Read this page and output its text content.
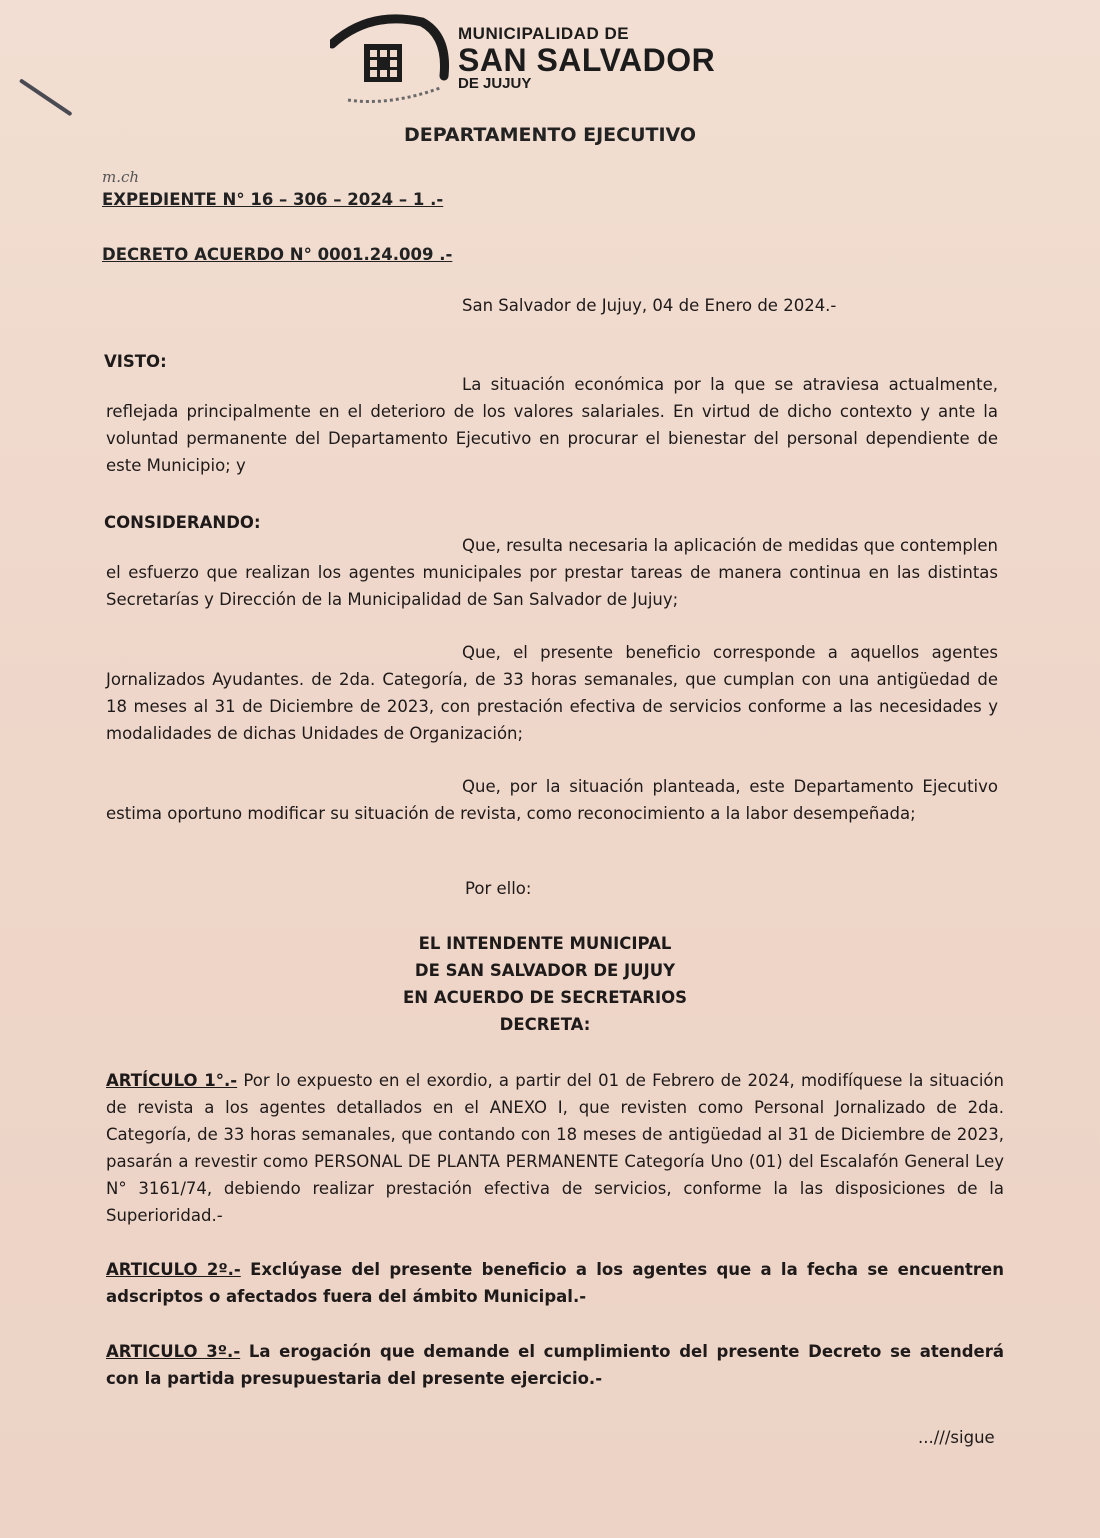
MUNICIPALIDAD DE
SAN SALVADOR
DE JUJUY
DEPARTAMENTO EJECUTIVO
m.ch
EXPEDIENTE N° 16 – 306 – 2024 – 1 .-
DECRETO ACUERDO N° 0001.24.009 .-
San Salvador de Jujuy, 04 de Enero de 2024.-
VISTO:
La situación económica por la que se atraviesa actualmente, reflejada principalmente en el deterioro de los valores salariales. En virtud de dicho contexto y ante la voluntad permanente del Departamento Ejecutivo en procurar el bienestar del personal dependiente de este Municipio; y
CONSIDERANDO:
Que, resulta necesaria la aplicación de medidas que contemplen el esfuerzo que realizan los agentes municipales por prestar tareas de manera continua en las distintas Secretarías y Dirección de la Municipalidad de San Salvador de Jujuy;
Que, el presente beneficio corresponde a aquellos agentes Jornalizados Ayudantes. de 2da. Categoría, de 33 horas semanales, que cumplan con una antigüedad de 18 meses al 31 de Diciembre de 2023, con prestación efectiva de servicios conforme a las necesidades y modalidades de dichas Unidades de Organización;
Que, por la situación planteada, este Departamento Ejecutivo estima oportuno modificar su situación de revista, como reconocimiento a la labor desempeñada;
Por ello:
EL INTENDENTE MUNICIPAL
DE SAN SALVADOR DE JUJUY
EN ACUERDO DE SECRETARIOS
DECRETA:
ARTÍCULO 1°.- Por lo expuesto en el exordio, a partir del 01 de Febrero de 2024, modifíquese la situación de revista a los agentes detallados en el ANEXO I, que revisten como Personal Jornalizado de 2da. Categoría, de 33 horas semanales, que contando con 18 meses de antigüedad al 31 de Diciembre de 2023, pasarán a revestir como PERSONAL DE PLANTA PERMANENTE Categoría Uno (01) del Escalafón General Ley N° 3161/74, debiendo realizar prestación efectiva de servicios, conforme la las disposiciones de la Superioridad.-
ARTICULO 2º.- Exclúyase del presente beneficio a los agentes que a la fecha se encuentren adscriptos o afectados fuera del ámbito Municipal.-
ARTICULO 3º.- La erogación que demande el cumplimiento del presente Decreto se atenderá con la partida presupuestaria del presente ejercicio.-
...///sigue
